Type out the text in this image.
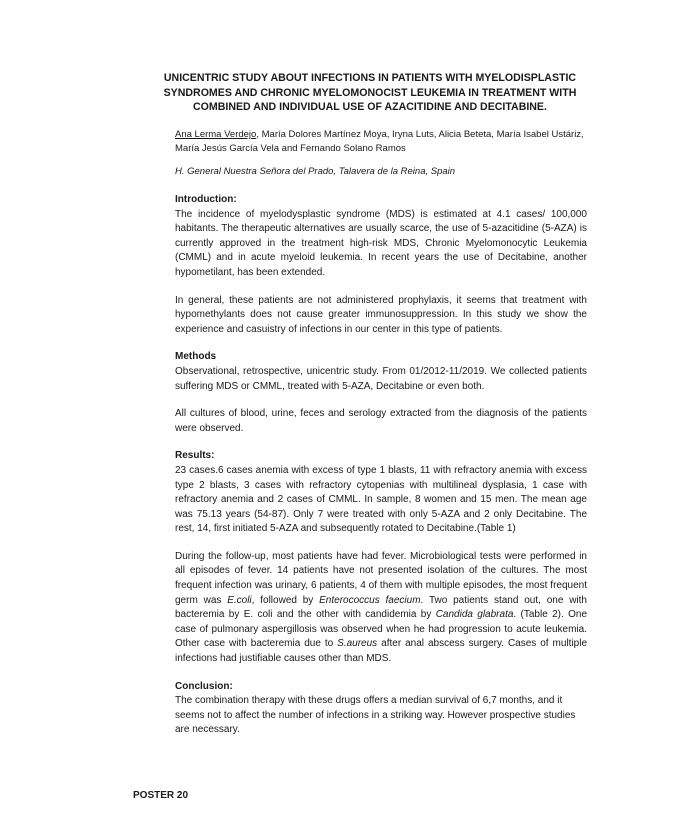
UNICENTRIC STUDY ABOUT INFECTIONS IN PATIENTS WITH MYELODISPLASTIC SYNDROMES AND CHRONIC MYELOMONOCIST LEUKEMIA IN TREATMENT WITH COMBINED AND INDIVIDUAL USE OF AZACITIDINE AND DECITABINE.
Ana Lerma Verdejo, María Dolores Martínez Moya, Iryna Luts, Alicia Beteta, María Isabel Ustáriz, María Jesús García Vela and Fernando Solano Ramos
H. General Nuestra Señora del Prado, Talavera de la Reina, Spain
Introduction:
The incidence of myelodysplastic syndrome (MDS) is estimated at 4.1 cases/ 100,000 habitants. The therapeutic alternatives are usually scarce, the use of 5-azacitidine (5-AZA) is currently approved in the treatment high-risk MDS, Chronic Myelomonocytic Leukemia (CMML) and in acute myeloid leukemia. In recent years the use of Decitabine, another hypometilant, has been extended.
In general, these patients are not administered prophylaxis, it seems that treatment with hypomethylants does not cause greater immunosuppression. In this study we show the experience and casuistry of infections in our center in this type of patients.
Methods
Observational, retrospective, unicentric study. From 01/2012-11/2019. We collected patients suffering MDS or CMML, treated with 5-AZA, Decitabine or even both.
All cultures of blood, urine, feces and serology extracted from the diagnosis of the patients were observed.
Results:
23 cases.6 cases anemia with excess of type 1 blasts, 11 with refractory anemia with excess type 2 blasts, 3 cases with refractory cytopenias with multilineal dysplasia, 1 case with refractory anemia and 2 cases of CMML. In sample, 8 women and 15 men. The mean age was 75.13 years (54-87). Only 7 were treated with only 5-AZA and 2 only Decitabine. The rest, 14, first initiated 5-AZA and subsequently rotated to Decitabine.(Table 1)
During the follow-up, most patients have had fever. Microbiological tests were performed in all episodes of fever. 14 patients have not presented isolation of the cultures. The most frequent infection was urinary, 6 patients, 4 of them with multiple episodes, the most frequent germ was E.coli, followed by Enterococcus faecium. Two patients stand out, one with bacteremia by E. coli and the other with candidemia by Candida glabrata. (Table 2). One case of pulmonary aspergillosis was observed when he had progression to acute leukemia. Other case with bacteremia due to S.aureus after anal abscess surgery. Cases of multiple infections had justifiable causes other than MDS.
Conclusion:
The combination therapy with these drugs offers a median survival of 6,7 months, and it seems not to affect the number of infections in a striking way. However prospective studies are necessary.
POSTER 20
